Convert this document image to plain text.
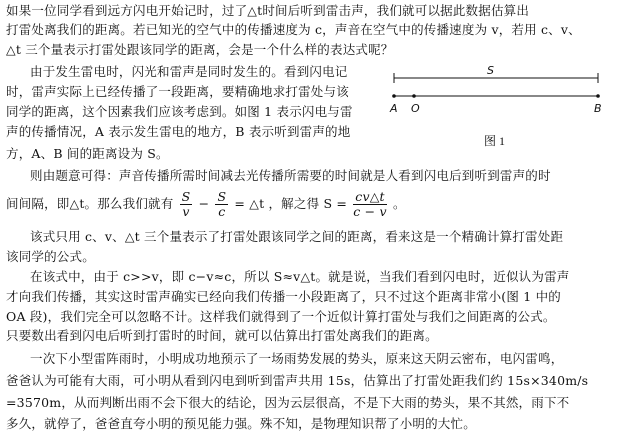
如果一位同学看到远方闪电开始记时，过了△t时间后听到雷击声，我们就可以据此数据估算出
打雷处离我们的距离。若已知光的空气中的传播速度为 c，声音在空气中的传播速度为 v，若用 c、v、
△t 三个量表示打雷处跟该同学的距离，会是一个什么样的表达式呢？
由于发生雷电时，闪光和雷声是同时发生的。看到闪电记
时，雷声实际上已经传播了一段距离，要精确地求打雷处与该
同学的距离，这个因素我们应该考虑到。如图 1 表示闪电与雷
声的传播情况，A 表示发生雷电的地方，B 表示听到雷声的地
方，A、B 间的距离设为 S。
S
A O	B
图 1
则由题意可得：声音传播所需时间减去光传播所需要的时间就是人看到闪电后到听到雷声的时
间间隔，即△t。那么我们就有 $\frac{S}{v} - \frac{S}{c}$ = △t ，解之得 $S = \frac{cv\triangle t}{c - v}$ 。
该式只用 c、v、△t 三个量表示了打雷处跟该同学之间的距离，看来这是一个精确计算打雷处距
该同学的公式。
在该式中，由于 c>>v，即 c−v≈c，所以 S≈v△t。就是说，当我们看到闪电时，近似认为雷声
才向我们传播，其实这时雷声确实已经向我们传播一小段距离了，只不过这个距离非常小(图 1 中的
OA 段)，我们完全可以忽略不计。这样我们就得到了一个近似计算打雷处与我们之间距离的公式。
只要数出看到闪电后听到打雷时的时间，就可以估算出打雷处离我们的距离。
一次下小型雷阵雨时，小明成功地预示了一场雨势发展的势头，原来这天阴云密布，电闪雷鸣，
爸爸认为可能有大雨，可小明从看到闪电到听到雷声共用 15s，估算出了打雷处距我们约 15s×340m/s
=3570m，从而判断出雨不会下很大的结论，因为云层很高，不是下大雨的势头，果不其然，雨下不
多久，就停了，爸爸直夸小明的预见能力强。殊不知，是物理知识帮了小明的大忙。
